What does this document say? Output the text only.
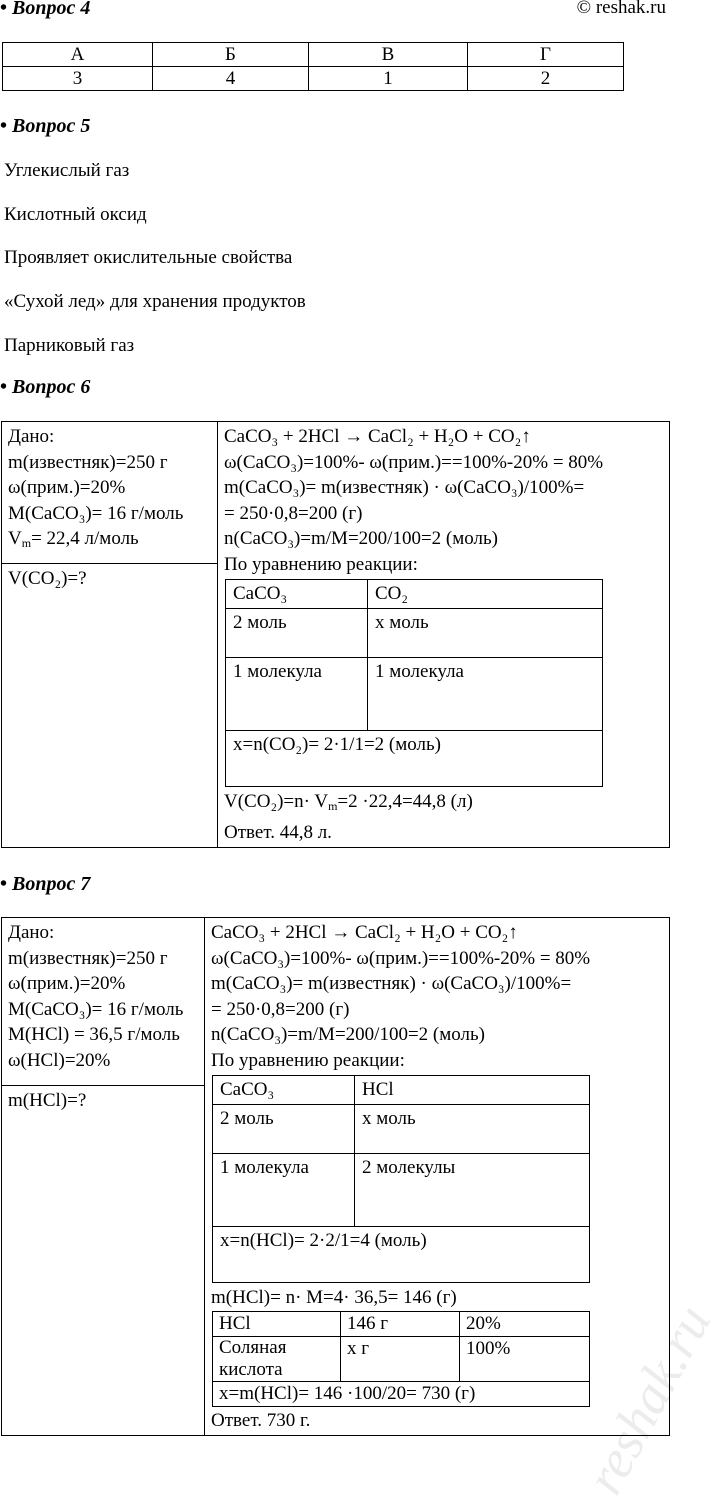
• Вопрос 4	© reshak.ru
А	Б	В	Г
3	4	1	2
• Вопрос 5
Углекислый газ
Кислотный оксид
Проявляет окислительные свойства
«Сухой лед» для хранения продуктов
Парниковый газ
• Вопрос 6
Дано:
m(известняк)=250 г
ω(прим.)=20%
M(CaCO₃)= 16 г/моль
$V_m= 22,4$ л/моль

CaCO₃ + 2HCl → CaCl₂ + H₂O + CO₂↑
ω(CaCO₃)=100%- ω(прим.)==100%-20% = 80%
m(CaCO₃)= m(известняк) · ω(CaCO₃)/100%=
= 250·0,8=200 (г)
n(CaCO₃)=m/M=200/100=2 (моль)
По уравнению реакции:
CaCO₃	CO₂
2 моль	x моль
1 молекула	1 молекула
x=n(CO₂)= 2·1/1=2 (моль)
$V(CO_2)=n\cdot V_m=2 \cdot 22,4=44,8$ (л)
Ответ. 44,8 л.

V(CO₂)=?
• Вопрос 7
Дано:
m(известняк)=250 г
ω(прим.)=20%
M(CaCO₃)= 16 г/моль
M(HCl) = 36,5 г/моль
ω(HCl)=20%

CaCO₃ + 2HCl → CaCl₂ + H₂O + CO₂↑
ω(CaCO₃)=100%- ω(прим.)==100%-20% = 80%
m(CaCO₃)= m(известняк) · ω(CaCO₃)/100%=
= 250·0,8=200 (г)
n(CaCO₃)=m/M=200/100=2 (моль)
По уравнению реакции:
CaCO₃	HCl
2 моль	x моль
1 молекула	2 молекулы
x=n(HCl)= 2·2/1=4 (моль)
m(HCl)= n· M=4· 36,5= 146 (г)
HCl	146 г	20%
Соляная кислота	x г	100%
x=m(HCl)= 146 ·100/20= 730 (г)
Ответ. 730 г.

m(HCl)=?
reshak.ru
